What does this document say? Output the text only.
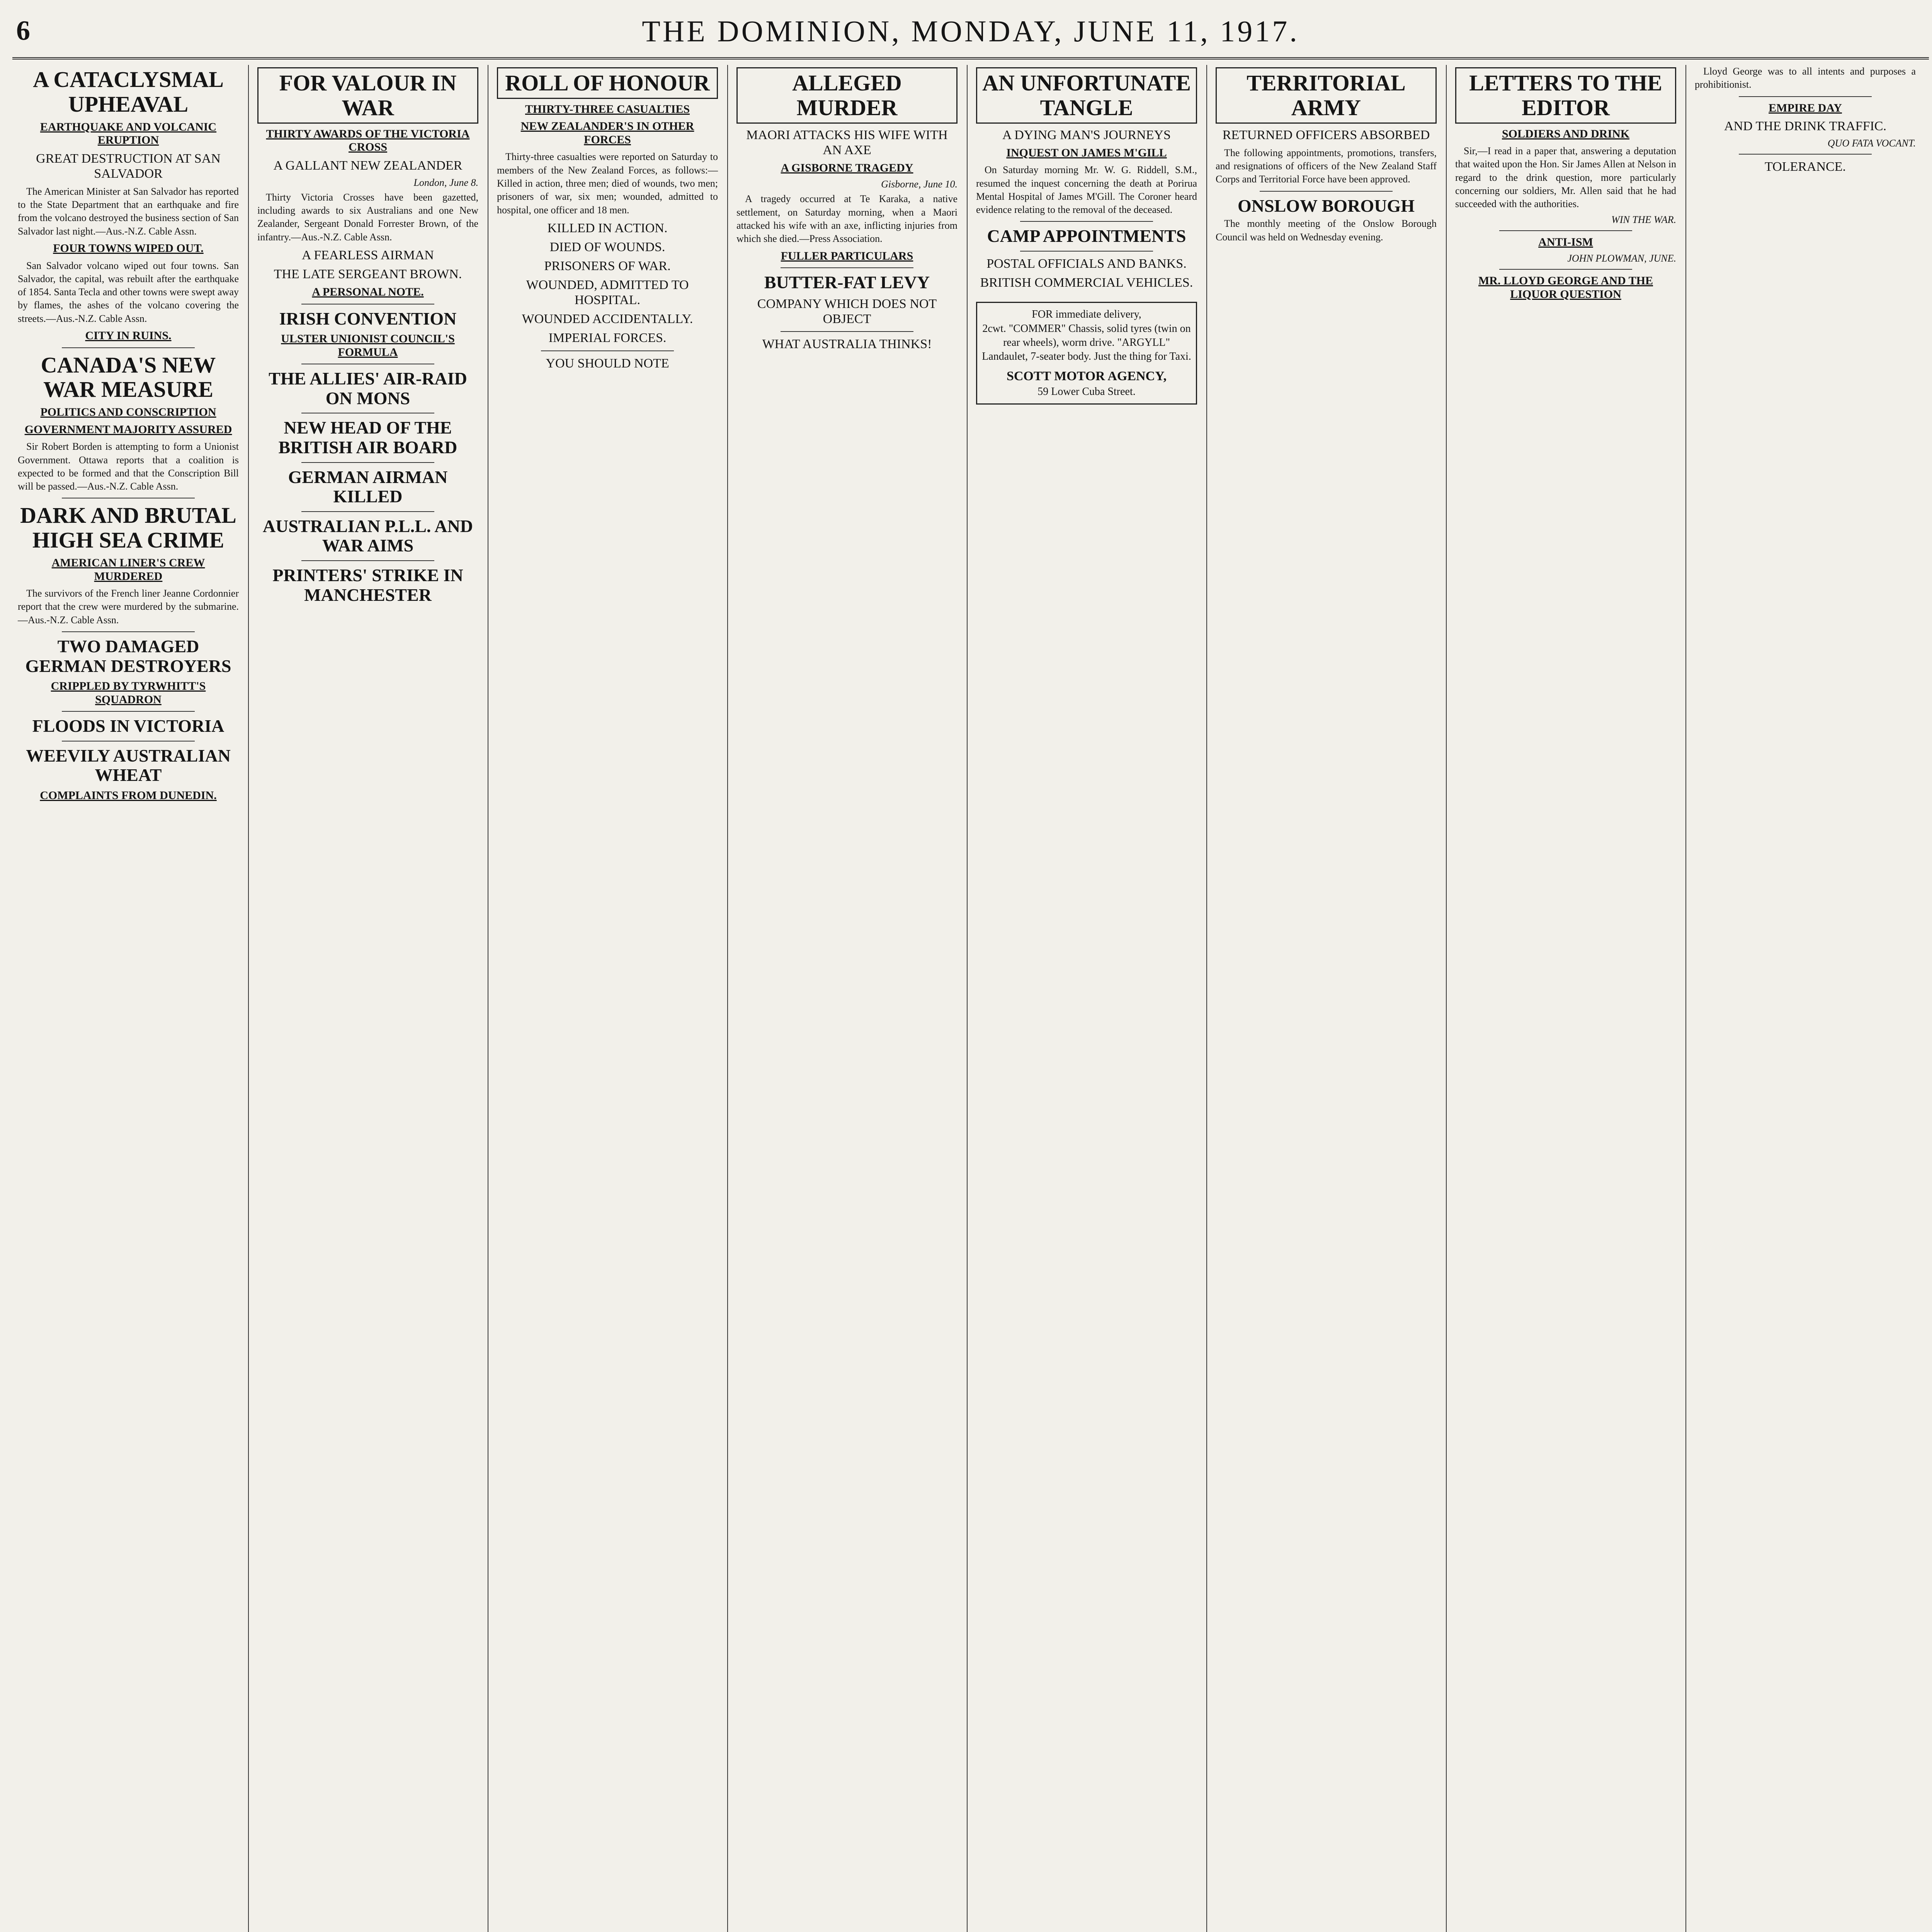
6	THE DOMINION, MONDAY, JUNE 11, 1917.
A CATACLYSMAL UPHEAVAL
EARTHQUAKE AND VOLCANIC ERUPTION
GREAT DESTRUCTION AT SAN SALVADOR

The American Minister at San Salvador has reported to the State Department that an earthquake and fire from the volcano destroyed the business section of San Salvador last night.—Aus.-N.Z. Cable Assn.

FOUR TOWNS WIPED OUT.

San Salvador volcano wiped out four towns. San Salvador, the capital, was rebuilt after the earthquake of 1854. Santa Tecla and other towns were swept away by flames, the ashes of the volcano covering the streets.—Aus.-N.Z. Cable Assn.

CITY IN RUINS.
CANADA'S NEW WAR MEASURE
POLITICS AND CONSCRIPTION
GOVERNMENT MAJORITY ASSURED

Sir Robert Borden is attempting to form a Unionist Government. Ottawa reports that a coalition is expected to be formed and that the Conscription Bill will be passed.—Aus.-N.Z. Cable Assn.

DARK AND BRUTAL HIGH SEA CRIME
AMERICAN LINER'S CREW MURDERED

The survivors of the French liner Jeanne Cordonnier report that the crew were murdered by the submarine.—Aus.-N.Z. Cable Assn.

TWO DAMAGED GERMAN DESTROYERS
CRIPPLED BY TYRWHITT'S SQUADRON
FLOODS IN VICTORIA
WEEVILY AUSTRALIAN WHEAT
COMPLAINTS FROM DUNEDIN.
FOR VALOUR IN WAR
THIRTY AWARDS OF THE VICTORIA CROSS
A GALLANT NEW ZEALANDER
London, June 8.

Thirty Victoria Crosses have been gazetted, including awards to six Australians and one New Zealander, Sergeant Donald Forrester Brown, of the infantry.—Aus.-N.Z. Cable Assn.

A FEARLESS AIRMAN
THE LATE SERGEANT BROWN.
A PERSONAL NOTE.
IRISH CONVENTION
ULSTER UNIONIST COUNCIL'S FORMULA
THE ALLIES' AIR-RAID ON MONS
NEW HEAD OF THE BRITISH AIR BOARD
GERMAN AIRMAN KILLED
AUSTRALIAN P.L.L. AND WAR AIMS
PRINTERS' STRIKE IN MANCHESTER
ROLL OF HONOUR
THIRTY-THREE CASUALTIES
NEW ZEALANDER'S IN OTHER FORCES

Thirty-three casualties were reported on Saturday to members of the New Zealand Forces, as follows:—Killed in action, three men; died of wounds, two men; prisoners of war, six men; wounded, admitted to hospital, one officer and 18 men.

KILLED IN ACTION.
DIED OF WOUNDS.
PRISONERS OF WAR.
WOUNDED, ADMITTED TO HOSPITAL.
WOUNDED ACCIDENTALLY.
IMPERIAL FORCES.
YOU SHOULD NOTE
ALLEGED MURDER
MAORI ATTACKS HIS WIFE WITH AN AXE
A GISBORNE TRAGEDY
Gisborne, June 10.

A tragedy occurred at Te Karaka, a native settlement, on Saturday morning, when a Maori attacked his wife with an axe, inflicting injuries from which she died.—Press Association.

FULLER PARTICULARS
BUTTER-FAT LEVY
COMPANY WHICH DOES NOT OBJECT
WHAT AUSTRALIA THINKS!
AN UNFORTUNATE TANGLE
A DYING MAN'S JOURNEYS
INQUEST ON JAMES M'GILL

On Saturday morning Mr. W. G. Riddell, S.M., resumed the inquest concerning the death at Porirua Mental Hospital of James M'Gill. The Coroner heard evidence relating to the removal of the deceased.

CAMP APPOINTMENTS
POSTAL OFFICIALS AND BANKS.
BRITISH COMMERCIAL VEHICLES.
FOR immediate delivery,
2cwt. "COMMER" Chassis, solid tyres (twin on rear wheels), worm drive. "ARGYLL" Landaulet, 7-seater body. Just the thing for Taxi.
SCOTT MOTOR AGENCY,
59 Lower Cuba Street.
TERRITORIAL ARMY
RETURNED OFFICERS ABSORBED

The following appointments, promotions, transfers, and resignations of officers of the New Zealand Staff Corps and Territorial Force have been approved.

ONSLOW BOROUGH

The monthly meeting of the Onslow Borough Council was held on Wednesday evening.

LETTERS TO THE EDITOR
SOLDIERS AND DRINK

Sir,—I read in a paper that, answering a deputation that waited upon the Hon. Sir James Allen at Nelson in regard to the drink question, more particularly concerning our soldiers, Mr. Allen said that he had succeeded with the authorities.

WIN THE WAR.
ANTI-ISM
JOHN PLOWMAN, JUNE.
MR. LLOYD GEORGE AND THE LIQUOR QUESTION

Lloyd George was to all intents and purposes a prohibitionist.

EMPIRE DAY
AND THE DRINK TRAFFIC.
QUO FATA VOCANT.
TOLERANCE.
